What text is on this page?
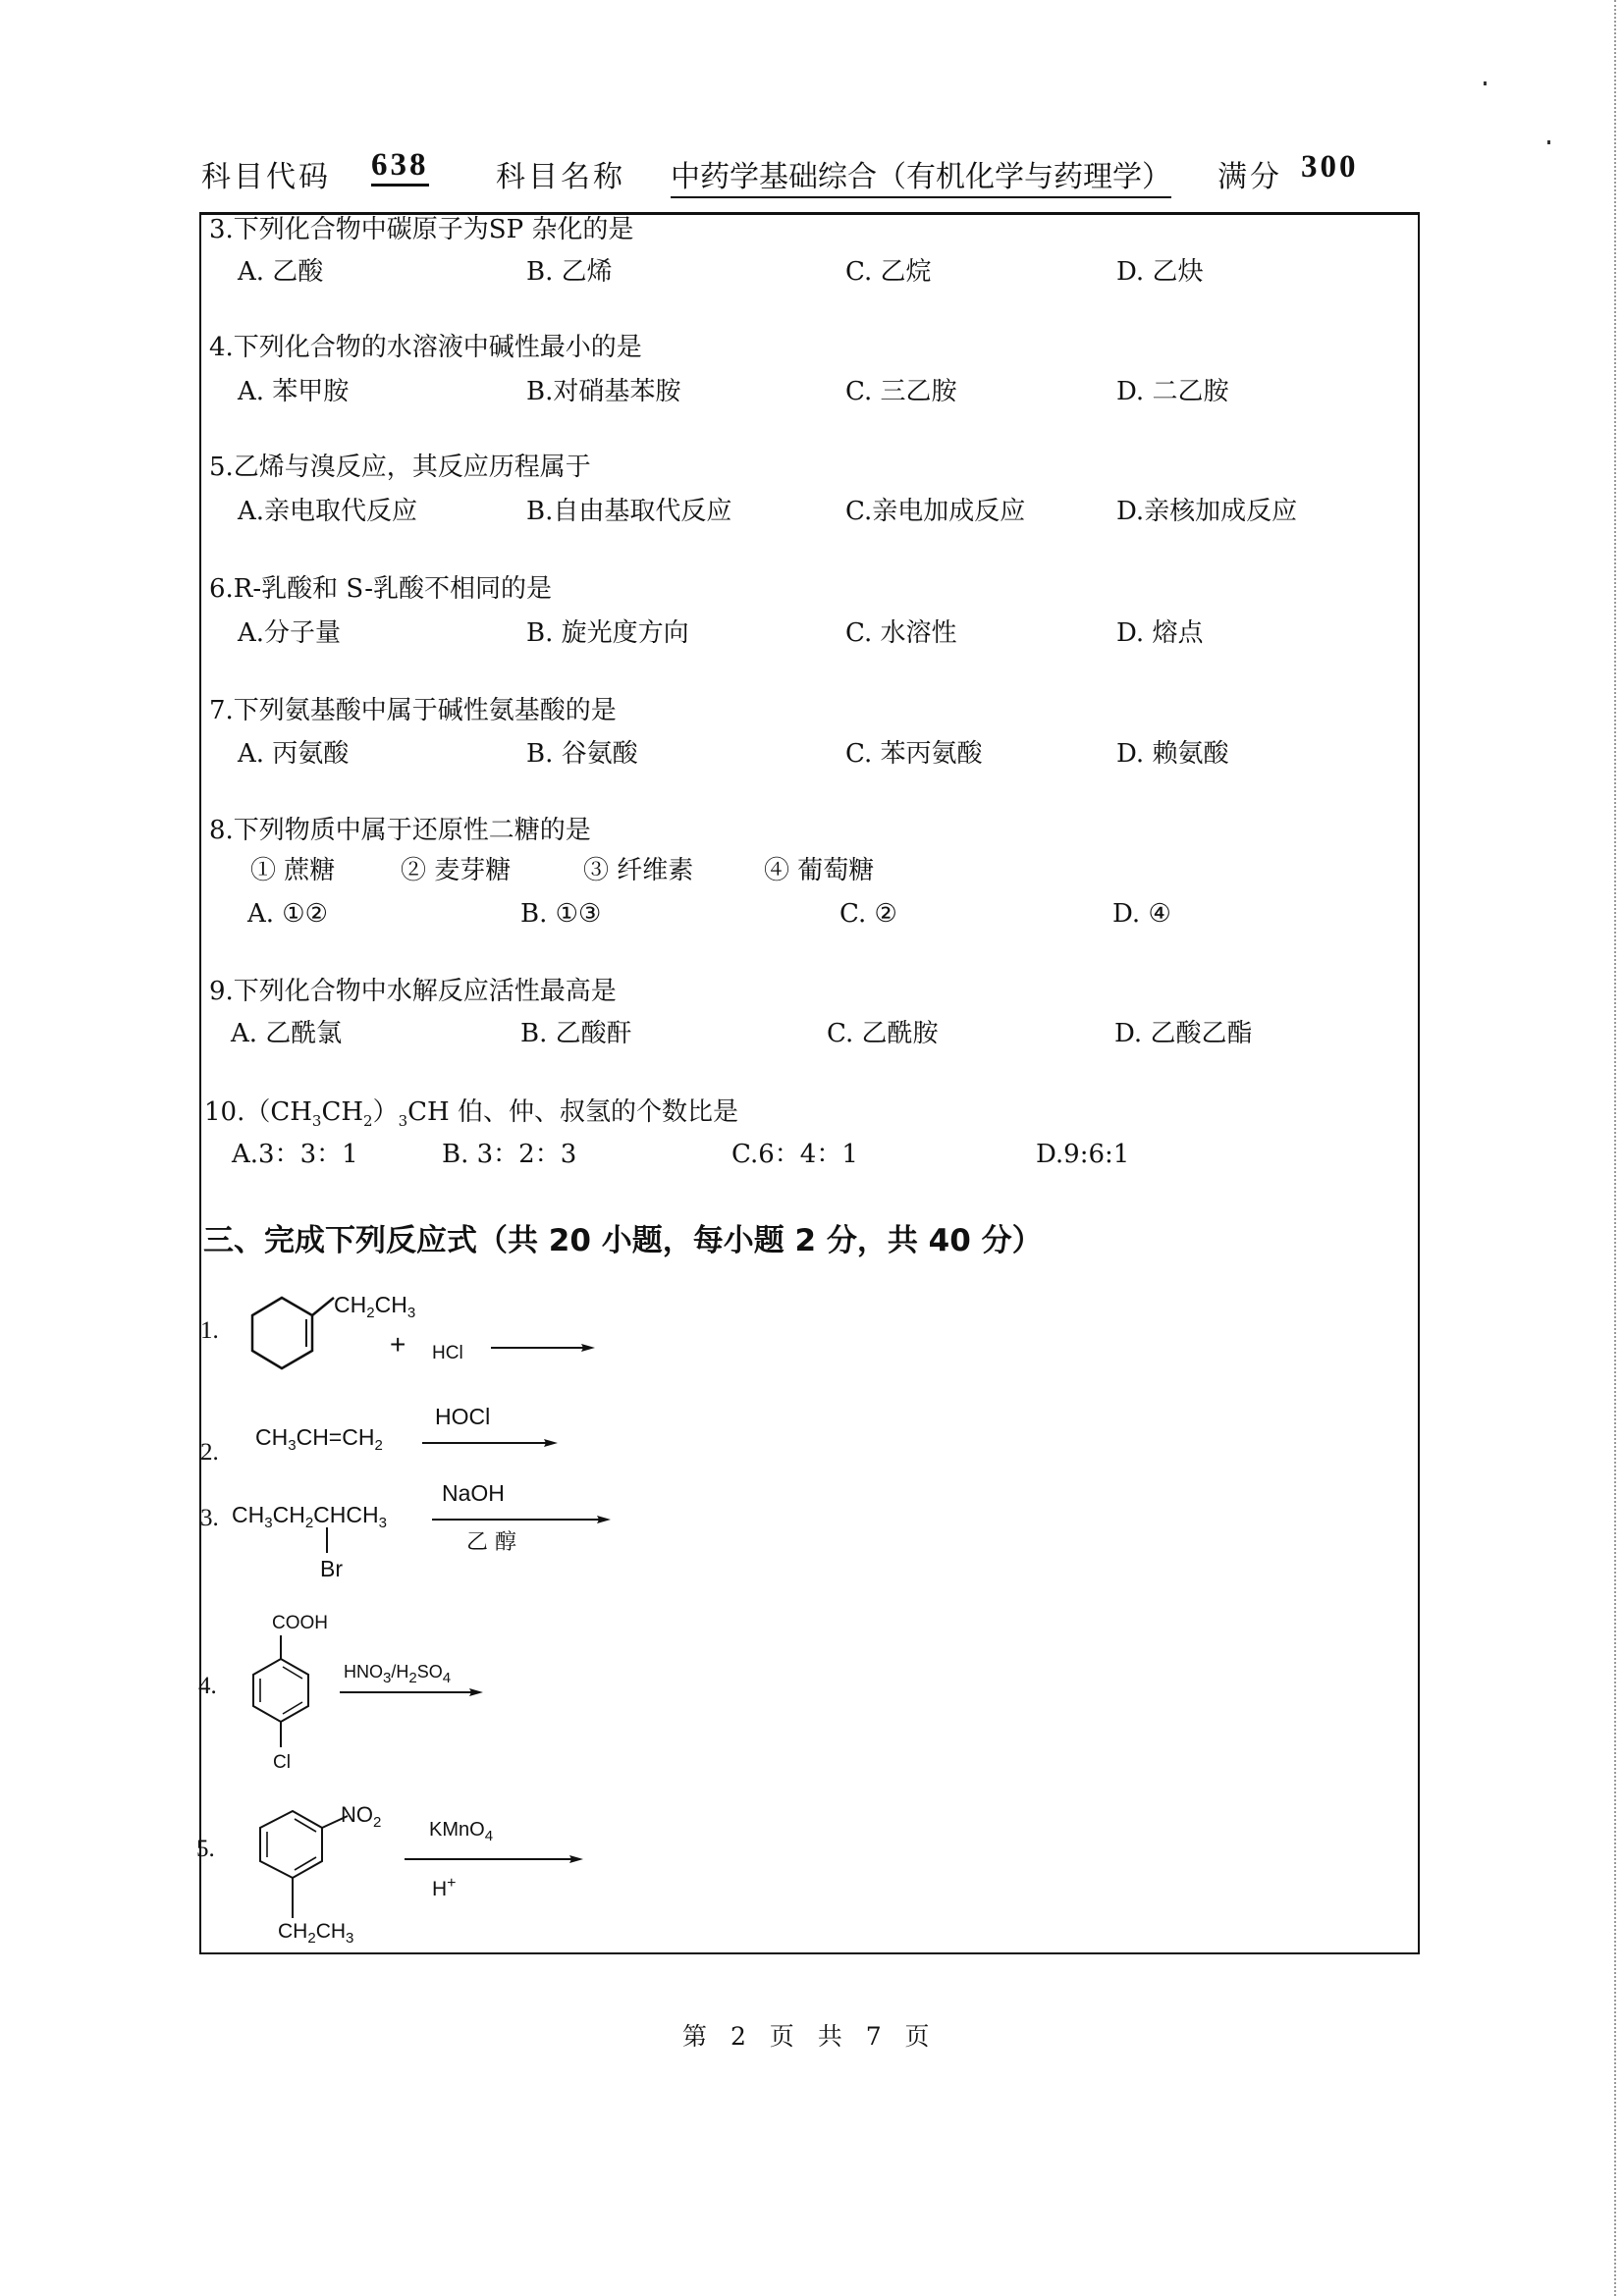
科目代码 638 科目名称 中药学基础综合（有机化学与药理学） 满分 300
3.下列化合物中碳原子为SP 杂化的是
A. 乙酸	B. 乙烯	C. 乙烷	D. 乙炔
4.下列化合物的水溶液中碱性最小的是
A. 苯甲胺	B.对硝基苯胺	C. 三乙胺	D. 二乙胺
5.乙烯与溴反应，其反应历程属于
A.亲电取代反应	B.自由基取代反应	C.亲电加成反应	D.亲核加成反应
6.R-乳酸和 S-乳酸不相同的是
A.分子量	B. 旋光度方向	C. 水溶性	D. 熔点
7.下列氨基酸中属于碱性氨基酸的是
A. 丙氨酸	B. 谷氨酸	C. 苯丙氨酸	D. 赖氨酸
8.下列物质中属于还原性二糖的是
① 蔗糖	② 麦芽糖	③ 纤维素	④ 葡萄糖
A. ①②	B. ①③	C. ②	D. ④
9.下列化合物中水解反应活性最高是
A. 乙酰氯	B. 乙酸酐	C. 乙酰胺	D. 乙酸乙酯
$10.(CH_3CH_2)_3CH$ 伯、仲、叔氢的个数比是
A.3：3：1	B. 3：2：3	C.6：4：1	D.9:6:1
三、完成下列反应式（共 20 小题，每小题 2 分，共 40 分）
1.
$CH_2CH_3$
+ HCl
2.
$CH_3CH=CH_2$
HOCl
3. $CH_3CH_2CHCH_3$
Br
NaOH
乙 醇
4.
COOH
Cl
$HNO_3/H_2SO_4$
5.
$NO_2$
$CH_2CH_3$
KMnO$_4$
H+
第 2 页 共 7 页
